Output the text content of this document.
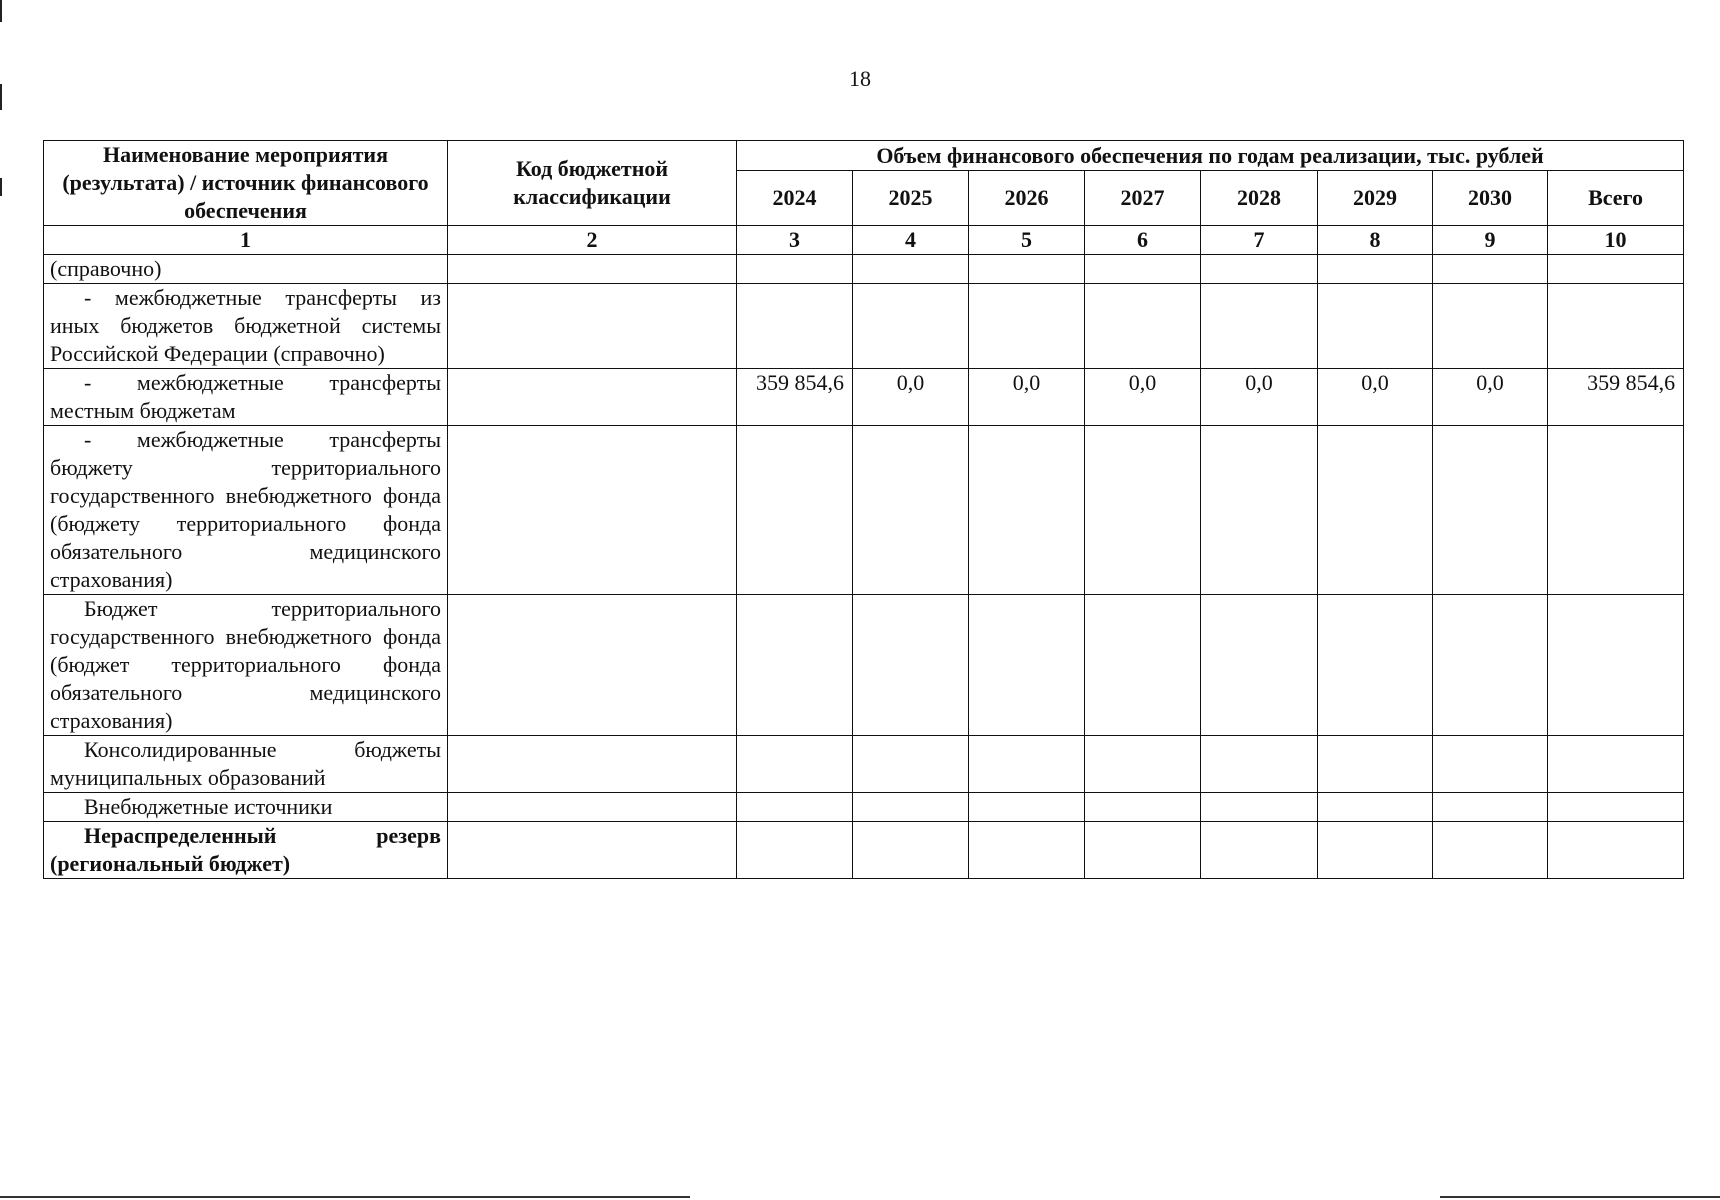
18
Наименование мероприятия (результата) / источник финансового обеспечения	Код бюджетной классификации	Объем финансового обеспечения по годам реализации, тыс. рублей							
		2024	2025	2026	2027	2028	2029	2030	Всего
1	2	3	4	5	6	7	8	9	10
(справочно)									
- межбюджетные трансферты из иных бюджетов бюджетной системы Российской Федерации (справочно)									
- межбюджетные трансферты местным бюджетам		359 854,6	0,0	0,0	0,0	0,0	0,0	0,0	359 854,6
- межбюджетные трансферты бюджету территориального государственного внебюджетного фонда (бюджету территориального фонда обязательного медицинского страхования)									
Бюджет территориального государственного внебюджетного фонда (бюджет территориального фонда обязательного медицинского страхования)									
Консолидированные бюджеты муниципальных образований									
Внебюджетные источники									
Нераспределенный резерв (региональный бюджет)									
